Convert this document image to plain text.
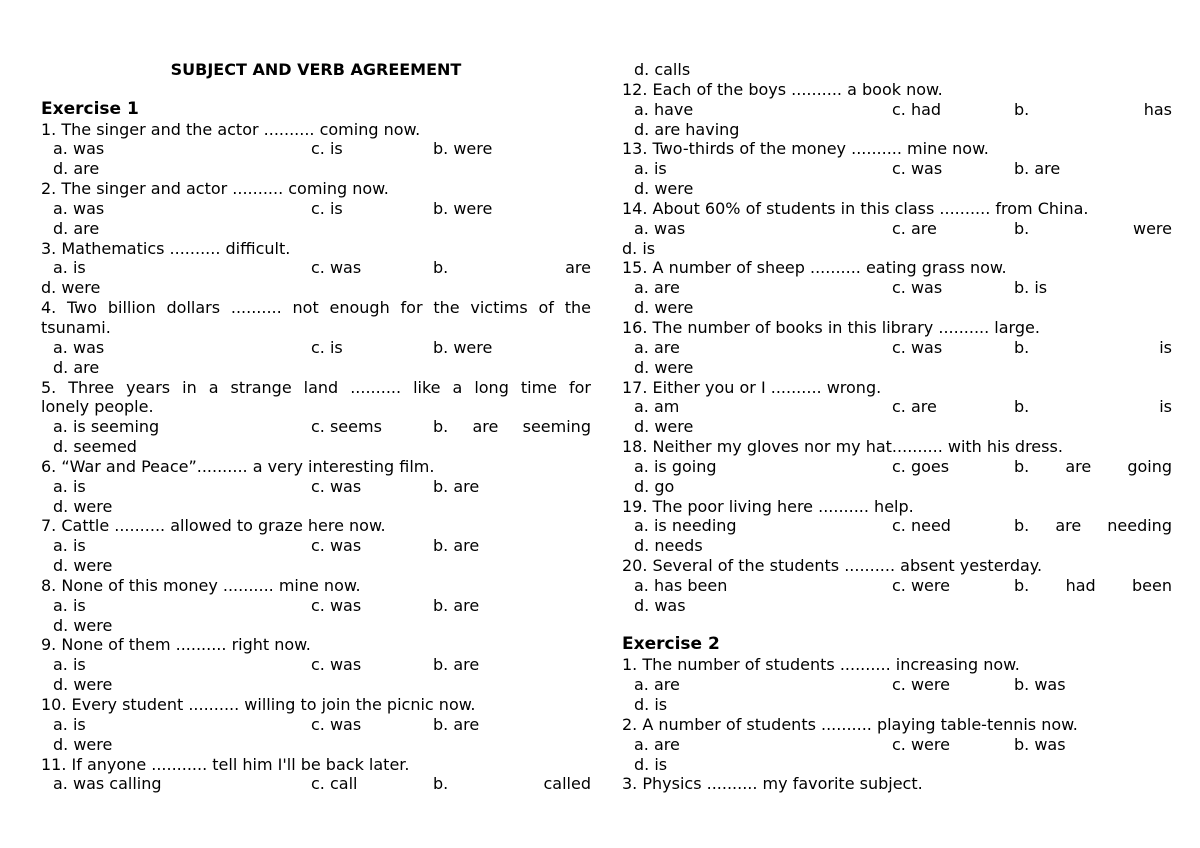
SUBJECT AND VERB AGREEMENT
Exercise 1
1. The singer and the actor .......... coming now.
a. was	c. is	b. were
d. are
2. The singer and actor .......... coming now.
a. was	c. is	b. were
d. are
3. Mathematics .......... difficult.
a. is	c. was	b.	are
d. were
4. Two billion dollars .......... not enough for the victims of the
tsunami.
a. was	c. is	b. were
d. are
5. Three years in a strange land .......... like a long time for
lonely people.
a. is seeming	c. seems	b. are seeming
d. seemed
6. “War and Peace”.......... a very interesting film.
a. is	c. was	b. are
d. were
7. Cattle .......... allowed to graze here now.
a. is	c. was	b. are
d. were
8. None of this money .......... mine now.
a. is	c. was	b. are
d. were
9. None of them .......... right now.
a. is	c. was	b. are
d. were
10. Every student .......... willing to join the picnic now.
a. is	c. was	b. are
d. were
11. If anyone ........... tell him I'll be back later.
a. was calling	c. call	b.	called
d. calls
12. Each of the boys .......... a book now.
a. have	c. had	b.	has
d. are having
13. Two-thirds of the money .......... mine now.
a. is	c. was	b. are
d. were
14. About 60% of students in this class .......... from China.
a. was	c. are	b.	were
d. is
15. A number of sheep .......... eating grass now.
a. are	c. was	b. is
d. were
16. The number of books in this library .......... large.
a. are	c. was	b.	is
d. were
17. Either you or I .......... wrong.
a. am	c. are	b.	is
d. were
18. Neither my gloves nor my hat.......... with his dress.
a. is going	c. goes	b. are going
d. go
19. The poor living here .......... help.
a. is needing	c. need	b. are needing
d. needs
20. Several of the students .......... absent yesterday.
a. has been	c. were	b. had been
d. was
Exercise 2
1. The number of students .......... increasing now.
a. are	c. were	b. was
d. is
2. A number of students .......... playing table-tennis now.
a. are	c. were	b. was
d. is
3. Physics .......... my favorite subject.
